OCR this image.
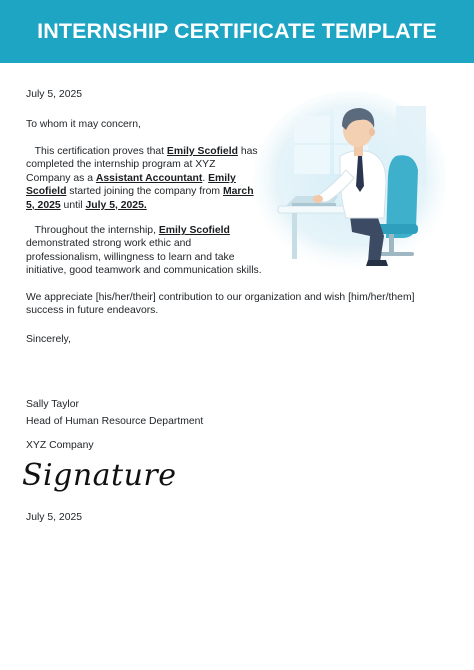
INTERNSHIP CERTIFICATE TEMPLATE
July 5, 2025
To whom it may concern,
This certification proves that Emily Scofield has completed the internship program at XYZ Company as a Assistant Accountant. Emily Scofield started joining the company from March 5, 2025 until July 5, 2025.
Throughout the internship, Emily Scofield demonstrated strong work ethic and professionalism, willingness to learn and take initiative, good teamwork and communication skills.
We appreciate [his/her/their] contribution to our organization and wish [him/her/them] success in future endeavors.
Sincerely,
Sally Taylor
Head of Human Resource Department
XYZ Company
Signature
July 5, 2025
